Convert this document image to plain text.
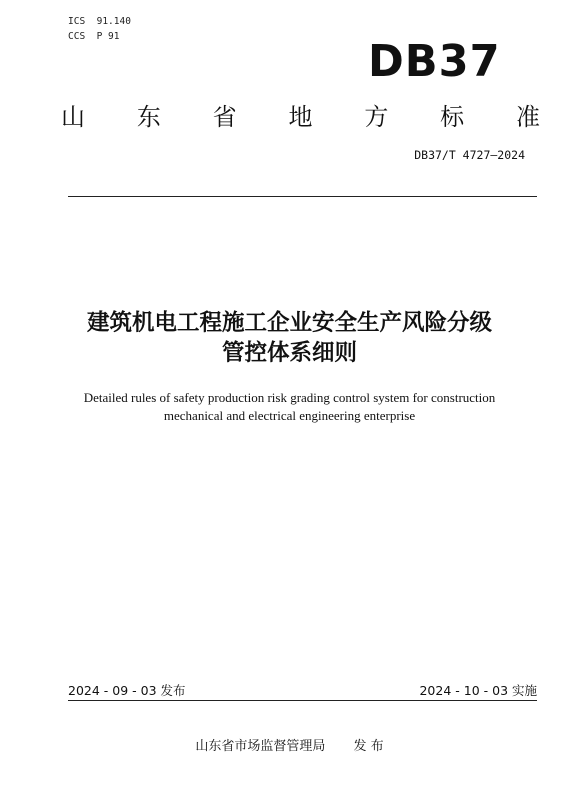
ICS  91.140
CCS  P 91	DB37
山 东 省 地 方 标 准
DB37/T 4727—2024
建筑机电工程施工企业安全生产风险分级
管控体系细则
Detailed rules of safety production risk grading control system for construction
mechanical and electrical engineering enterprise
2024 - 09 - 03 发布	2024 - 10 - 03 实施
山东省市场监督管理局 发 布
